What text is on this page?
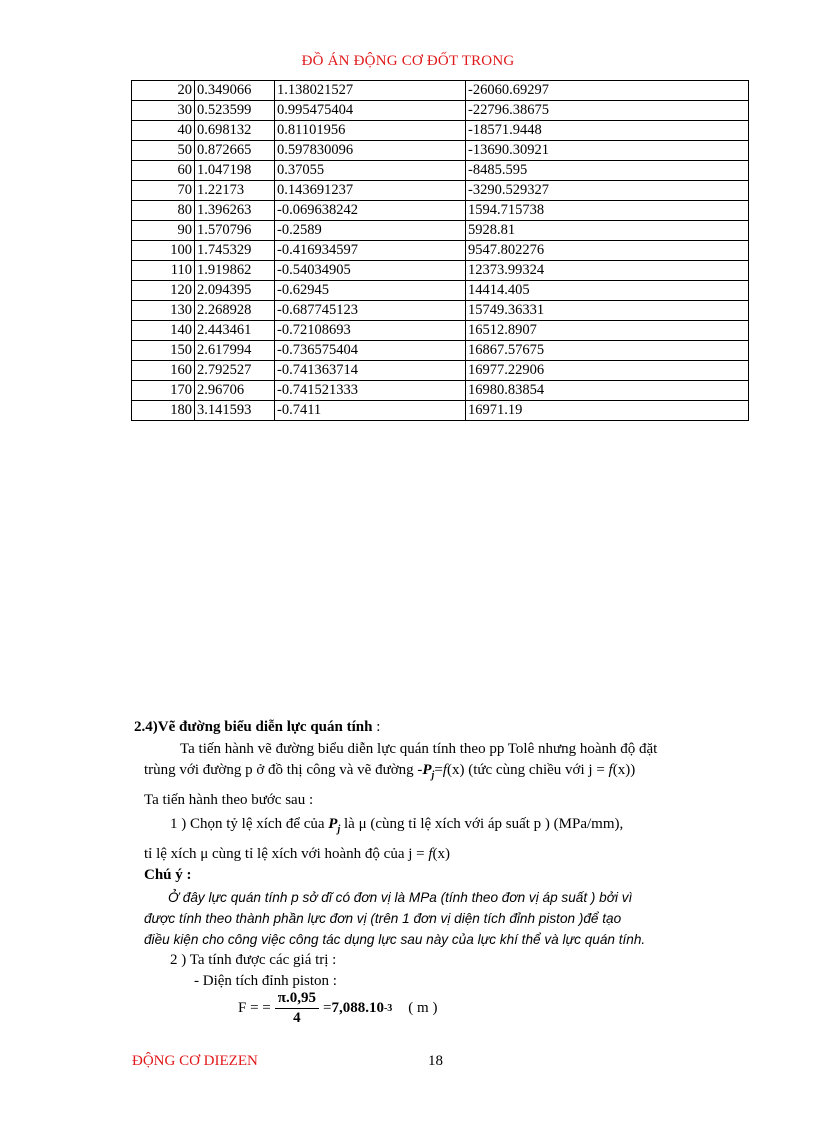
ĐỒ ÁN ĐỘNG CƠ ĐỐT TRONG
20	0.349066	1.138021527	-26060.69297
30	0.523599	0.995475404	-22796.38675
40	0.698132	0.81101956	-18571.9448
50	0.872665	0.597830096	-13690.30921
60	1.047198	0.37055	-8485.595
70	1.22173	0.143691237	-3290.529327
80	1.396263	-0.069638242	1594.715738
90	1.570796	-0.2589	5928.81
100	1.745329	-0.416934597	9547.802276
110	1.919862	-0.54034905	12373.99324
120	2.094395	-0.62945	14414.405
130	2.268928	-0.687745123	15749.36331
140	2.443461	-0.72108693	16512.8907
150	2.617994	-0.736575404	16867.57675
160	2.792527	-0.741363714	16977.22906
170	2.96706	-0.741521333	16980.83854
180	3.141593	-0.7411	16971.19

2.4)Vẽ đường biểu diễn lực quán tính :

Ta tiến hành vẽ đường biểu diễn lực quán tính theo pp Tolê nhưng hoành độ đặt

trùng với đường p ở đồ thị công và vẽ đường $-P_j=f(x)$ (tức cùng chiều với j = f(x))

Ta tiến hành theo bước sau :

1 ) Chọn tỷ lệ xích để của $P_j$ là μ (cùng tỉ lệ xích với áp suất p ) (MPa/mm),

tỉ lệ xích μ cùng tỉ lệ xích với hoành độ của j = f(x)

Chú ý :

Ở đây lực quán tính p sở dĩ có đơn vị là MPa (tính theo đơn vị áp suất ) bởi vì

được tính theo thành phần lực đơn vị (trên 1 đơn vị diện tích đỉnh piston )để tạo

điều kiện cho công việc công tác dụng lực sau này của lực khí thể và lực quán tính.

2 ) Ta tính được các giá trị :

- Diện tích đỉnh piston :

F = = $\frac{\pi.0,95}{4} = 7,088.10$ -3 ( m )
ĐỘNG CƠ DIEZEN	18
